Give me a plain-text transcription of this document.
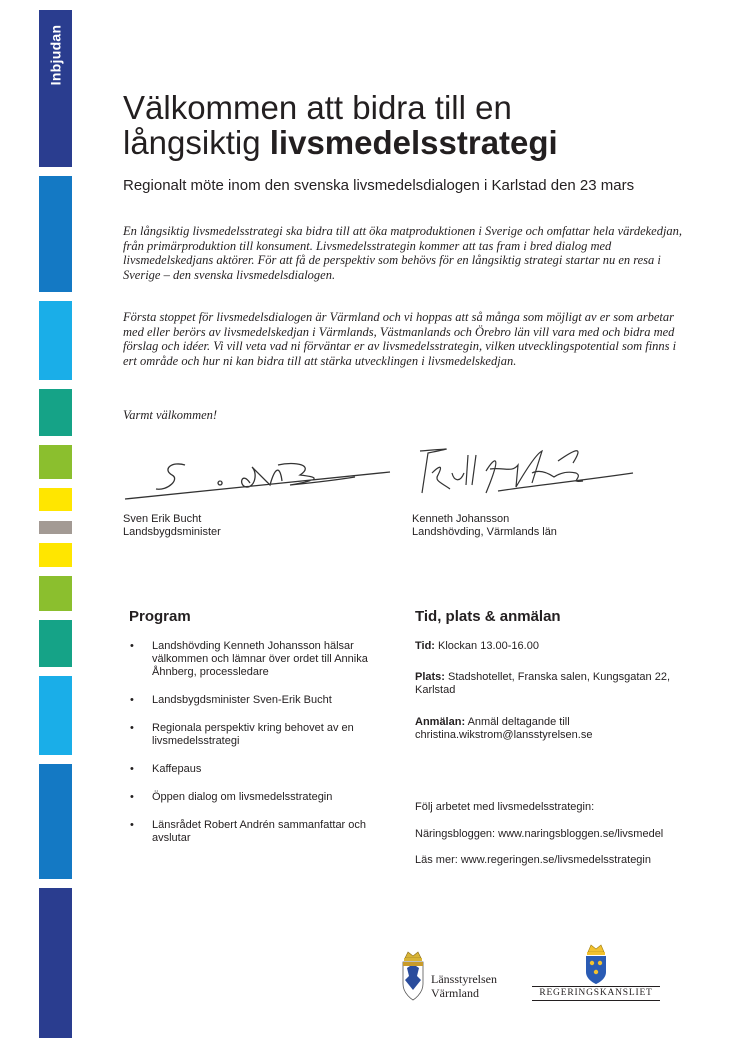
Inbjudan
Välkommen att bidra till en
långsiktig livsmedelsstrategi

Regionalt möte inom den svenska livsmedelsdialogen i Karlstad den 23 mars

En långsiktig livsmedelsstrategi ska bidra till att öka matproduktionen i Sverige och omfattar hela värdekedjan, från primärproduktion till konsument. Livsmedelsstrategin kommer att tas fram i bred dialog med livsmedelskedjans aktörer. För att få de perspektiv som behövs för en långsiktig strategi startar nu en resa i Sverige – den svenska livsmedelsdialogen.

Första stoppet för livsmedelsdialogen är Värmland och vi hoppas att så många som möjligt av er som arbetar med eller berörs av livsmedelskedjan i Värmlands, Västmanlands och Örebro län vill vara med och bidra med förslag och idéer. Vi vill veta vad ni förväntar er av livsmedelsstrategin, vilken utvecklingspotential som finns i ert område och hur ni kan bidra till att stärka utvecklingen i livsmedelskedjan.

Varmt välkommen!

Sven Erik Bucht
Landsbygdsminister
Kenneth Johansson
Landshövding, Värmlands län
Program
• Landshövding Kenneth Johansson hälsar välkommen och lämnar över ordet till Annika Åhnberg, processledare
• Landsbygdsminister Sven-Erik Bucht
• Regionala perspektiv kring behovet av en livsmedelsstrategi
• Kaffepaus
• Öppen dialog om livsmedelsstrategin
• Länsrådet Robert Andrén sammanfattar och avslutar
Tid, plats & anmälan

Tid: Klockan 13.00-16.00

Plats: Stadshotellet, Franska salen, Kungsgatan 22, Karlstad

Anmälan: Anmäl deltagande till christina.wikstrom@lansstyrelsen.se

Följ arbetet med livsmedelsstrategin:
Näringsbloggen: www.naringsbloggen.se/livsmedel
Läs mer: www.regeringen.se/livsmedelsstrategin
Länsstyrelsen
Värmland	REGERINGSKANSLIET
